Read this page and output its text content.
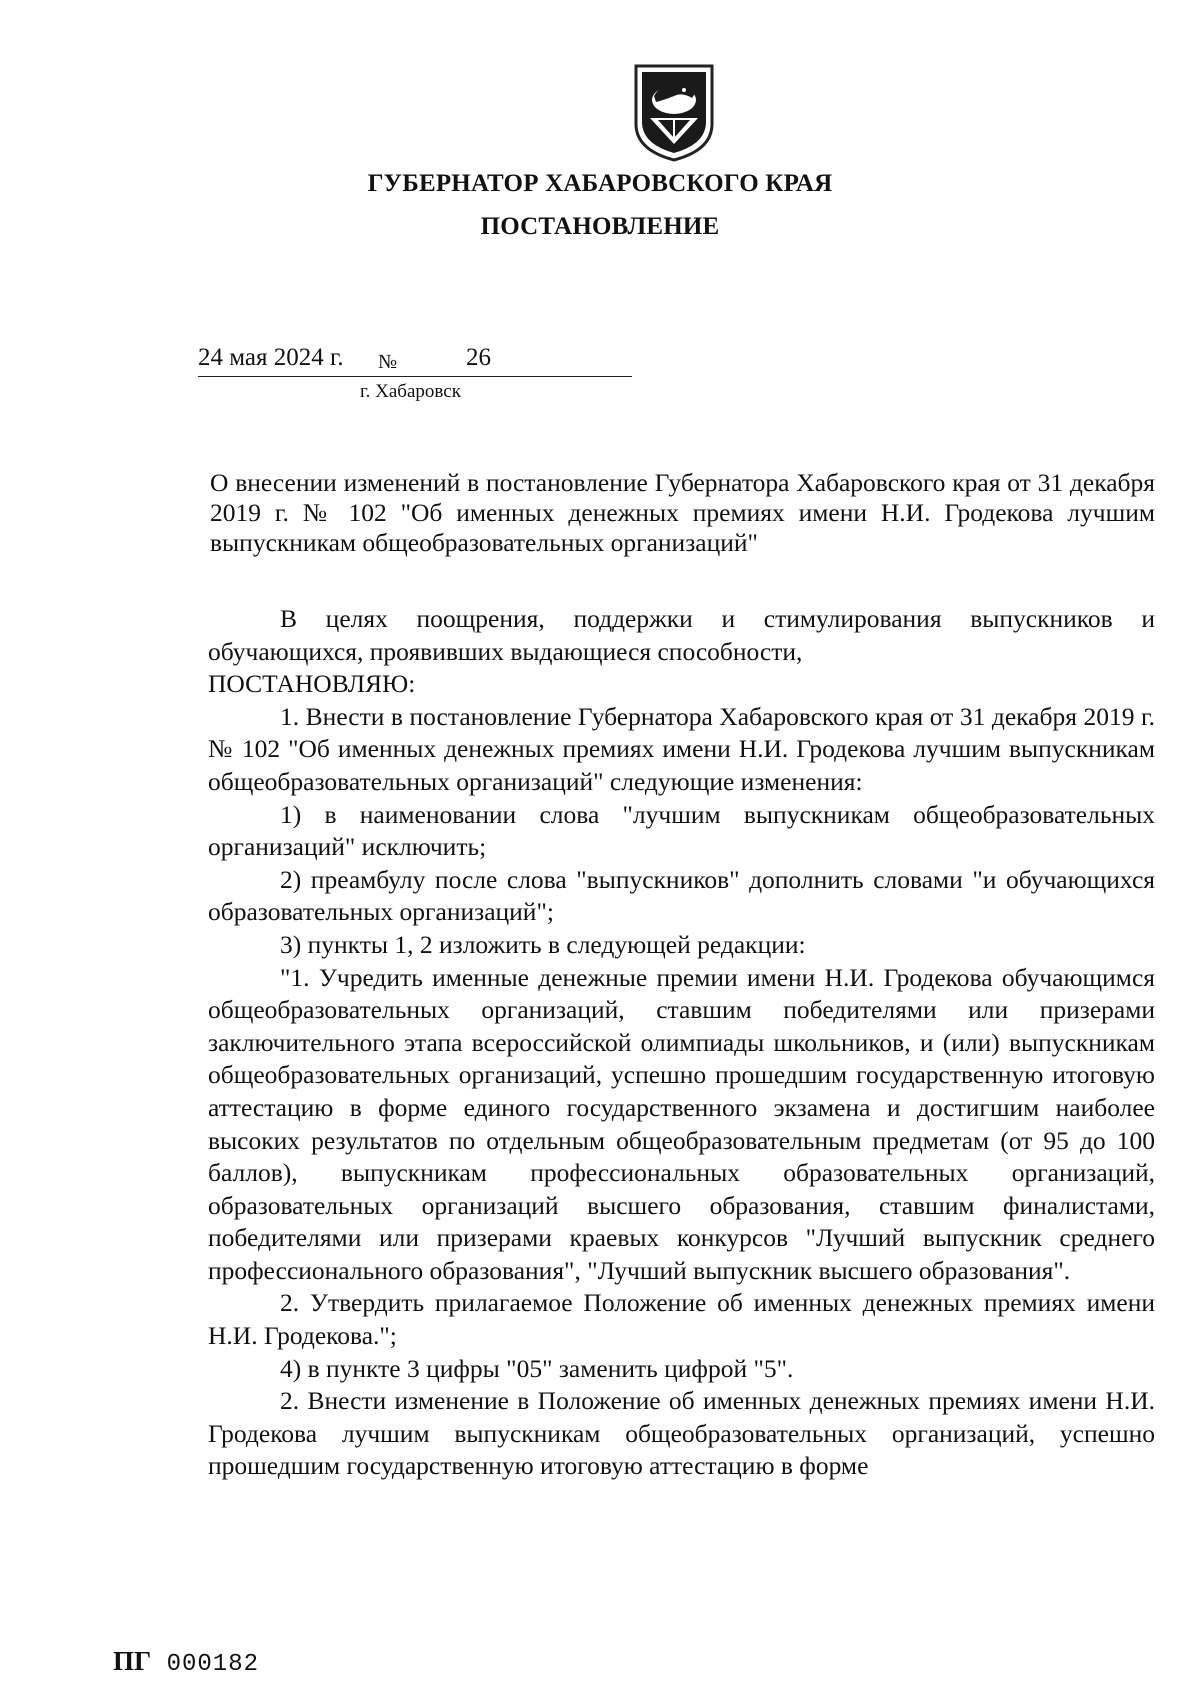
ГУБЕРНАТОР ХАБАРОВСКОГО КРАЯ
ПОСТАНОВЛЕНИЕ
24 мая 2024 г. №	26
г. Хабаровск
О внесении изменений в постановление Губернатора Хабаровского края от 31 декабря 2019 г. № 102 "Об именных денежных премиях имени Н.И. Гродекова лучшим выпускникам общеобразовательных организаций"

В целях поощрения, поддержки и стимулирования выпускников и обучающихся, проявивших выдающиеся способности,

ПОСТАНОВЛЯЮ:

1. Внести в постановление Губернатора Хабаровского края от 31 декабря 2019 г. № 102 "Об именных денежных премиях имени Н.И. Гродекова лучшим выпускникам общеобразовательных организаций" следующие изменения:

1) в наименовании слова "лучшим выпускникам общеобразовательных организаций" исключить;

2) преамбулу после слова "выпускников" дополнить словами "и обучающихся образовательных организаций";

3) пункты 1, 2 изложить в следующей редакции:

"1. Учредить именные денежные премии имени Н.И. Гродекова обучающимся общеобразовательных организаций, ставшим победителями или призерами заключительного этапа всероссийской олимпиады школьников, и (или) выпускникам общеобразовательных организаций, успешно прошедшим государственную итоговую аттестацию в форме единого государственного экзамена и достигшим наиболее высоких результатов по отдельным общеобразовательным предметам (от 95 до 100 баллов), выпускникам профессиональных образовательных организаций, образовательных организаций высшего образования, ставшим финалистами, победителями или призерами краевых конкурсов "Лучший выпускник среднего профессионального образования", "Лучший выпускник высшего образования".

2. Утвердить прилагаемое Положение об именных денежных премиях имени Н.И. Гродекова.";

4) в пункте 3 цифры "05" заменить цифрой "5".

2. Внести изменение в Положение об именных денежных премиях имени Н.И. Гродекова лучшим выпускникам общеобразовательных организаций, успешно прошедшим государственную итоговую аттестацию в форме

ПГ 000182
